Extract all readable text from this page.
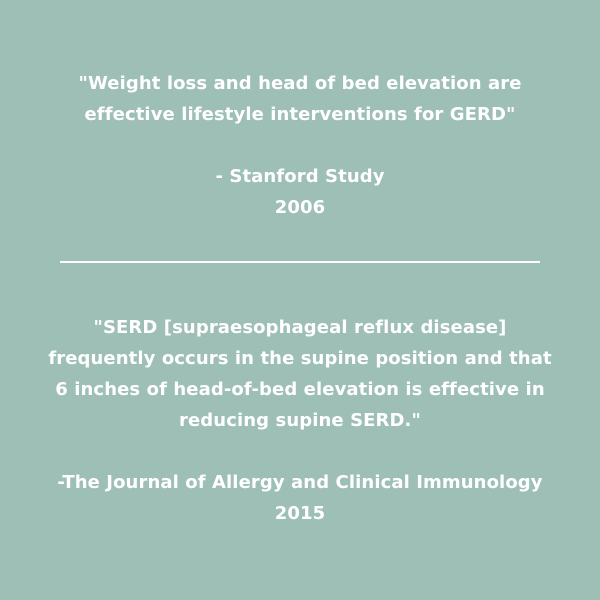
"Weight loss and head of bed elevation are
effective lifestyle interventions for GERD"
- Stanford Study
2006
"SERD [supraesophageal reflux disease]
frequently occurs in the supine position and that
6 inches of head-of-bed elevation is effective in
reducing supine SERD."
-The Journal of Allergy and Clinical Immunology
2015
